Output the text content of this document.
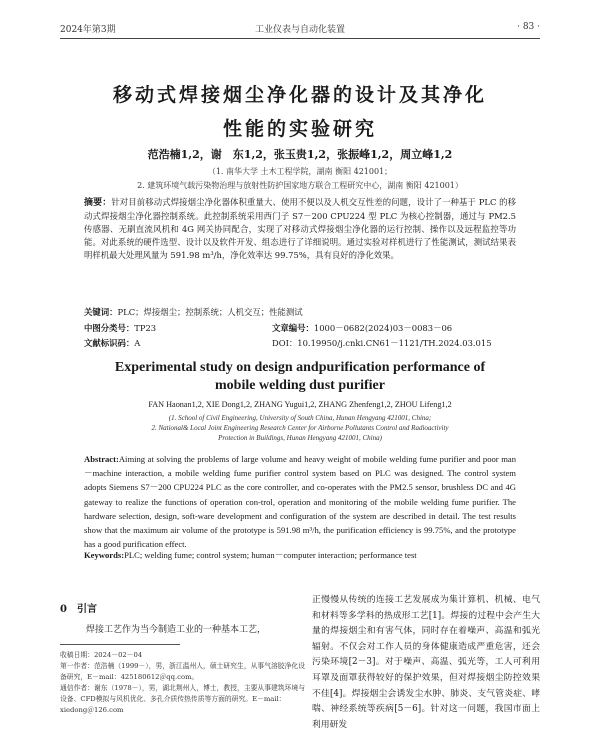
2024年第3期	工业仪表与自动化装置	· 83 ·
移动式焊接烟尘净化器的设计及其净化
性能的实验研究
范浩楠1,2，谢　东1,2，张玉贵1,2，张振峰1,2，周立峰1,2
（1. 南华大学 土木工程学院，湖南 衡阳 421001；
2. 建筑环境气载污染物治理与放射性防护国家地方联合工程研究中心，湖南 衡阳 421001）
摘要：针对目前移动式焊接烟尘净化器体积重量大、使用不便以及人机交互性差的问题，设计了一种基于 PLC 的移动式焊接烟尘净化器控制系统。此控制系统采用西门子 S7－200 CPU224 型 PLC 为核心控制器，通过与 PM2.5 传感器、无刷直流风机和 4G 网关协同配合，实现了对移动式焊接烟尘净化器的运行控制、操作以及远程监控等功能。对此系统的硬件选型、设计以及软件开发、组态进行了详细说明。通过实验对样机进行了性能测试，测试结果表明样机最大处理风量为 591.98 m³/h，净化效率达 99.75%，具有良好的净化效果。
关键词：PLC；焊接烟尘；控制系统；人机交互；性能测试
中图分类号：TP23	文章编号：1000－0682(2024)03－0083－06
文献标识码：A	DOI：10.19950/j.cnki.CN61－1121/TH.2024.03.015
Experimental study on design andpurification performance of
mobile welding dust purifier
FAN Haonan1,2, XIE Dong1,2, ZHANG Yugui1,2, ZHANG Zhenfeng1,2, ZHOU Lifeng1,2
(1. School of Civil Engineering, University of South China, Hunan Hengyang 421001, China;
2. National& Local Joint Engineering Research Center for Airborne Pollutants Control and Radioactivity
Protection in Buildings, Hunan Hengyang 421001, China)
Abstract:Aiming at solving the problems of large volume and heavy weight of mobile welding fume purifier and poor man－machine interaction, a mobile welding fume purifier control system based on PLC was designed. The control system adopts Siemens S7－200 CPU224 PLC as the core controller, and co-operates with the PM2.5 sensor, brushless DC and 4G gateway to realize the functions of operation con-trol, operation and monitoring of the mobile welding fume purifier. The hardware selection, design, soft-ware development and configuration of the system are described in detail. The test results show that the maximum air volume of the prototype is 591.98 m³/h, the purification efficiency is 99.75%, and the prototype has a good purification effect.
Keywords:PLC; welding fume; control system; human－computer interaction; performance test
0　引言
焊接工艺作为当今制造工业的一种基本工艺，
收稿日期：2024－02－04
第一作者：范浩楠（1999－），男，浙江温州人，硕士研究生，从事气溶胶净化设备研究，E－mail：425180612＠qq.com。
通信作者：谢东（1978－），男，湖北荆州人，博士，教授，主要从事建筑环境与设备、CFD模拟与风机优化、多孔介质传热传质等方面的研究。E－mail：xiedong＠126.com
正慢慢从传统的连接工艺发展成为集计算机、机械、电气和材料等多学科的热成形工艺[1]。焊接的过程中会产生大量的焊接烟尘和有害气体，同时存在着噪声、高温和弧光辐射。不仅会对工作人员的身体健康造成严重危害，还会污染环境[2－3]。对于噪声、高温、弧光等，工人可利用耳罩及面罩获得较好的保护效果，但对焊接烟尘防控效果不佳[4]。焊接烟尘会诱发尘水肿、肺炎、支气管炎症、哮喘、神经系统等疾病[5－6]。针对这一问题，我国市面上利用研发
